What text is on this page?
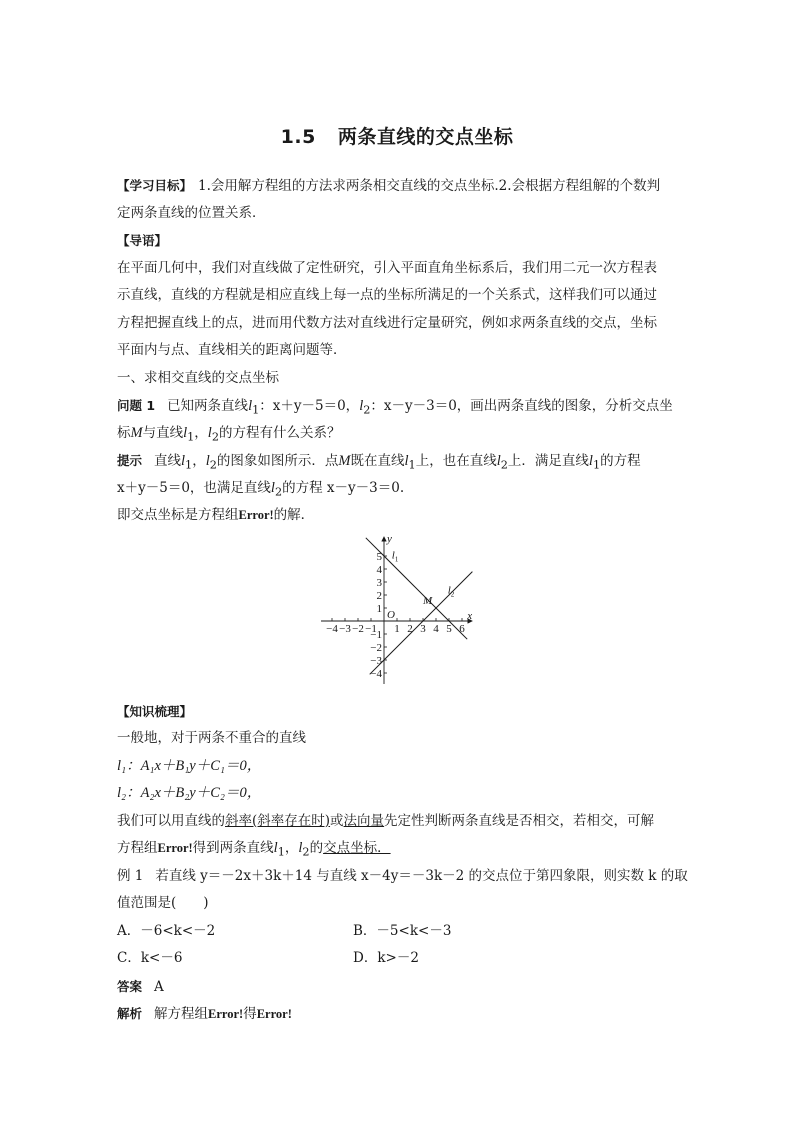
1.5 两条直线的交点坐标
【学习目标】 1.会用解方程组的方法求两条相交直线的交点坐标.2.会根据方程组解的个数判
定两条直线的位置关系．
【导语】
在平面几何中，我们对直线做了定性研究，引入平面直角坐标系后，我们用二元一次方程表
示直线，直线的方程就是相应直线上每一点的坐标所满足的一个关系式，这样我们可以通过
方程把握直线上的点，进而用代数方法对直线进行定量研究，例如求两条直线的交点，坐标
平面内与点、直线相关的距离问题等．
一、求相交直线的交点坐标
问题 1 已知两条直线$l_1$：x＋y－5＝0，$l_2$：x－y－3＝0，画出两条直线的图象，分析交点坐
标M与直线$l_1$，$l_2$的方程有什么关系？
提示 直线$l_1$，$l_2$的图象如图所示．点M既在直线$l_1$上，也在直线$l_2$上．满足直线$l_1$的方程
x＋y－5＝0，也满足直线$l_2$的方程 x－y－3＝0.
即交点坐标是方程组Error!的解．
−4 −3 −2 −1 1 2 3 4 5 6
5
4
3
2
1
−1
−2
−3
−4
x
y
O
M
$l_1$
$l_2$
【知识梳理】
一般地，对于两条不重合的直线
l₁：A₁x＋B₁y＋C₁＝0，
l₂：A₂x＋B₂y＋C₂＝0，
我们可以用直线的斜率(斜率存在时)或法向量先定性判断两条直线是否相交，若相交，可解
方程组Error!得到两条直线$l_1$，$l_2$的交点坐标．
例 1 若直线 y＝－2x＋3k＋14 与直线 x－4y＝－3k－2 的交点位于第四象限，则实数 k 的取
值范围是(　　)
A．－6<k<－2	B．－5<k<－3
C．k<－6	D．k>－2
答案 A
解析 解方程组Error!得Error!
